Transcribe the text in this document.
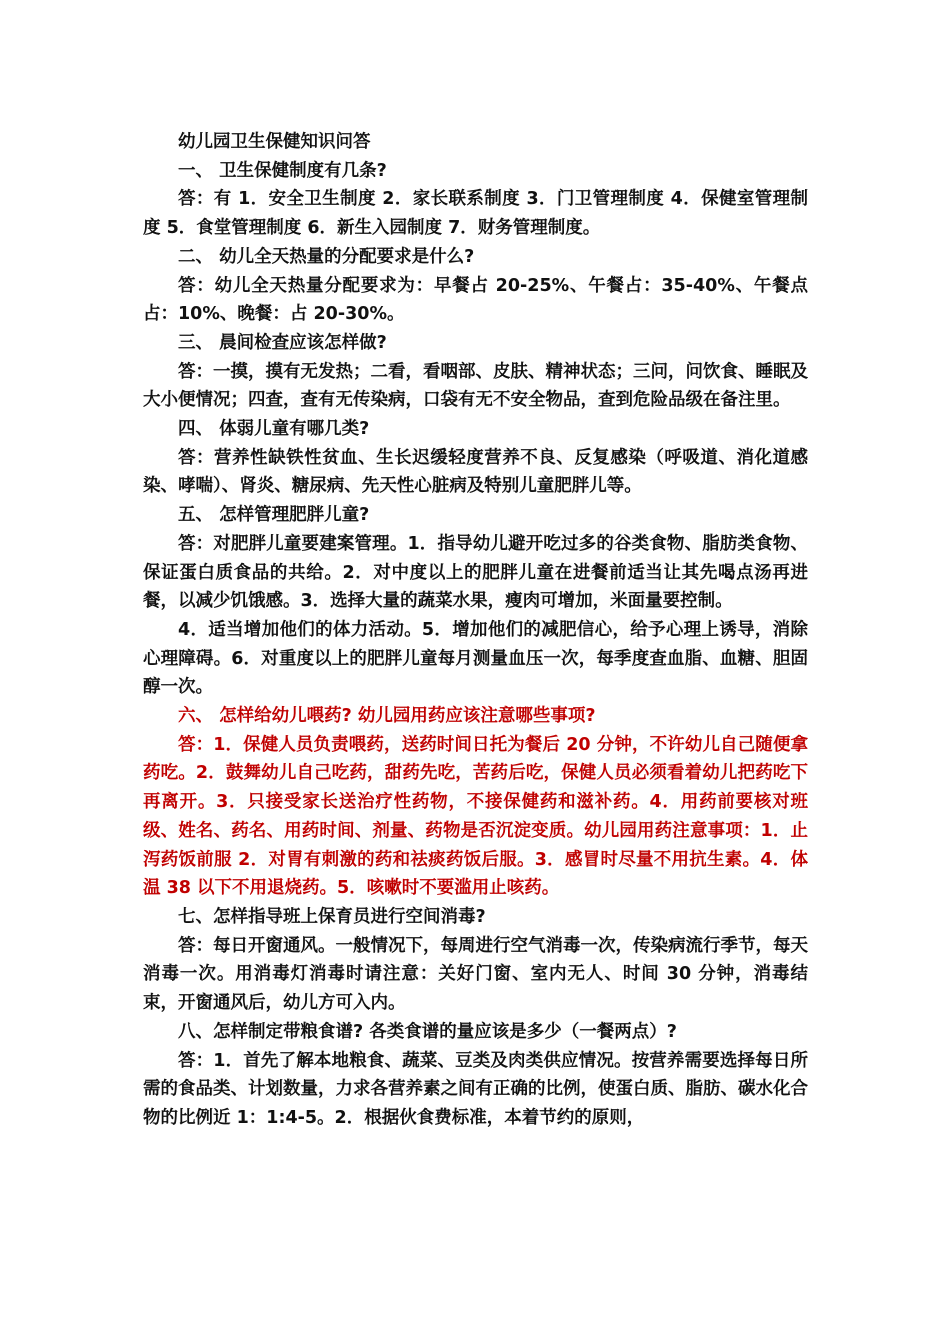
幼儿园卫生保健知识问答

一、 卫生保健制度有几条?

答：有 1．安全卫生制度 2．家长联系制度 3．门卫管理制度 4．保健室管理制度 5．食堂管理制度 6．新生入园制度 7．财务管理制度。

二、 幼儿全天热量的分配要求是什么?

答：幼儿全天热量分配要求为：早餐占 20-25%、午餐占：35-40%、午餐点占：10%、晚餐：占 20-30%。

三、 晨间检查应该怎样做?

答：一摸，摸有无发热；二看，看咽部、皮肤、精神状态；三问，问饮食、睡眠及大小便情况；四查，查有无传染病，口袋有无不安全物品，查到危险品级在备注里。

四、 体弱儿童有哪几类?

答：营养性缺铁性贫血、生长迟缓轻度营养不良、反复感染（呼吸道、消化道感染、哮喘）、肾炎、糖尿病、先天性心脏病及特别儿童肥胖儿等。

五、 怎样管理肥胖儿童?

答：对肥胖儿童要建案管理。1．指导幼儿避开吃过多的谷类食物、脂肪类食物、保证蛋白质食品的共给。2．对中度以上的肥胖儿童在进餐前适当让其先喝点汤再进餐，以减少饥饿感。3．选择大量的蔬菜水果，瘦肉可增加，米面量要控制。

4．适当增加他们的体力活动。5．增加他们的减肥信心，给予心理上诱导，消除心理障碍。6．对重度以上的肥胖儿童每月测量血压一次，每季度查血脂、血糖、胆固醇一次。

六、 怎样给幼儿喂药? 幼儿园用药应该注意哪些事项?

答：1．保健人员负责喂药，送药时间日托为餐后 20 分钟，不许幼儿自己随便拿药吃。2．鼓舞幼儿自己吃药，甜药先吃，苦药后吃，保健人员必须看着幼儿把药吃下再离开。3．只接受家长送治疗性药物，不接保健药和滋补药。4．用药前要核对班级、姓名、药名、用药时间、剂量、药物是否沉淀变质。幼儿园用药注意事项：1．止泻药饭前服 2．对胃有刺激的药和祛痰药饭后服。3．感冒时尽量不用抗生素。4．体温 38 以下不用退烧药。5．咳嗽时不要滥用止咳药。

七、怎样指导班上保育员进行空间消毒?

答：每日开窗通风。一般情况下，每周进行空气消毒一次，传染病流行季节，每天消毒一次。用消毒灯消毒时请注意：关好门窗、室内无人、时间 30 分钟，消毒结束，开窗通风后，幼儿方可入内。

八、怎样制定带粮食谱? 各类食谱的量应该是多少（一餐两点）?

答：1．首先了解本地粮食、蔬菜、豆类及肉类供应情况。按营养需要选择每日所需的食品类、计划数量，力求各营养素之间有正确的比例，使蛋白质、脂肪、碳水化合物的比例近 1：1:4-5。2．根据伙食费标准，本着节约的原则，
